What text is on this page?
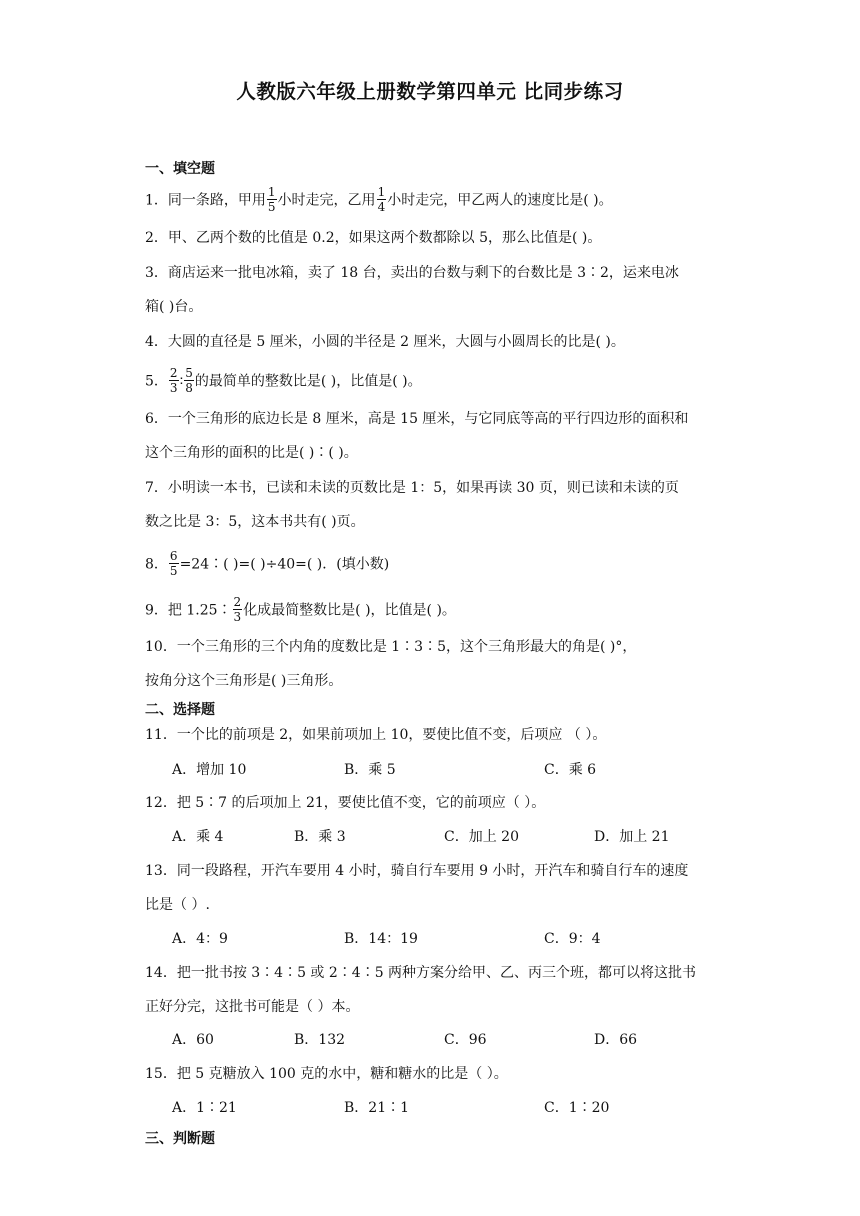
人教版六年级上册数学第四单元 比同步练习
一、填空题
1．同一条路，甲用 $\frac{1}{5}$ 小时走完，乙用 $\frac{1}{4}$ 小时走完，甲乙两人的速度比是( )。
2．甲、乙两个数的比值是 0.2，如果这两个数都除以 5，那么比值是( )。
3．商店运来一批电冰箱，卖了 18 台，卖出的台数与剩下的台数比是 3∶2，运来电冰
箱( )台。
4．大圆的直径是 5 厘米，小圆的半径是 2 厘米，大圆与小圆周长的比是( )。
5． $\frac{2}{3}$ ∶ $\frac{5}{8}$ 的最简单的整数比是( )，比值是( )。
6．一个三角形的底边长是 8 厘米，高是 15 厘米，与它同底等高的平行四边形的面积和
这个三角形的面积的比是( )∶( )。
7．小明读一本书，已读和未读的页数比是 1：5，如果再读 30 页，则已读和未读的页
数之比是 3：5，这本书共有( )页。
8． $\frac{6}{5}$ =24∶( )=( )÷40=( )．(填小数)
9．把 1.25∶ $\frac{2}{3}$ 化成最简整数比是( )，比值是( )。
10．一个三角形的三个内角的度数比是 1∶3∶5，这个三角形最大的角是( )°，
按角分这个三角形是( )三角形。
二、选择题
11．一个比的前项是 2，如果前项加上 10，要使比值不变，后项应 （ ）。
A．增加 10	B．乘 5	C．乘 6
12．把 5∶7 的后项加上 21，要使比值不变，它的前项应（ ）。
A．乘 4	B．乘 3	C．加上 20	D．加上 21
13．同一段路程，开汽车要用 4 小时，骑自行车要用 9 小时，开汽车和骑自行车的速度
比是（ ）.
A．4：9	B．14：19	C．9：4
14．把一批书按 3∶4∶5 或 2∶4∶5 两种方案分给甲、乙、丙三个班，都可以将这批书
正好分完，这批书可能是（ ）本。
A．60	B．132	C．96	D．66
15．把 5 克糖放入 100 克的水中，糖和糖水的比是（ ）。
A．1∶21	B．21∶1	C．1∶20
三、判断题
